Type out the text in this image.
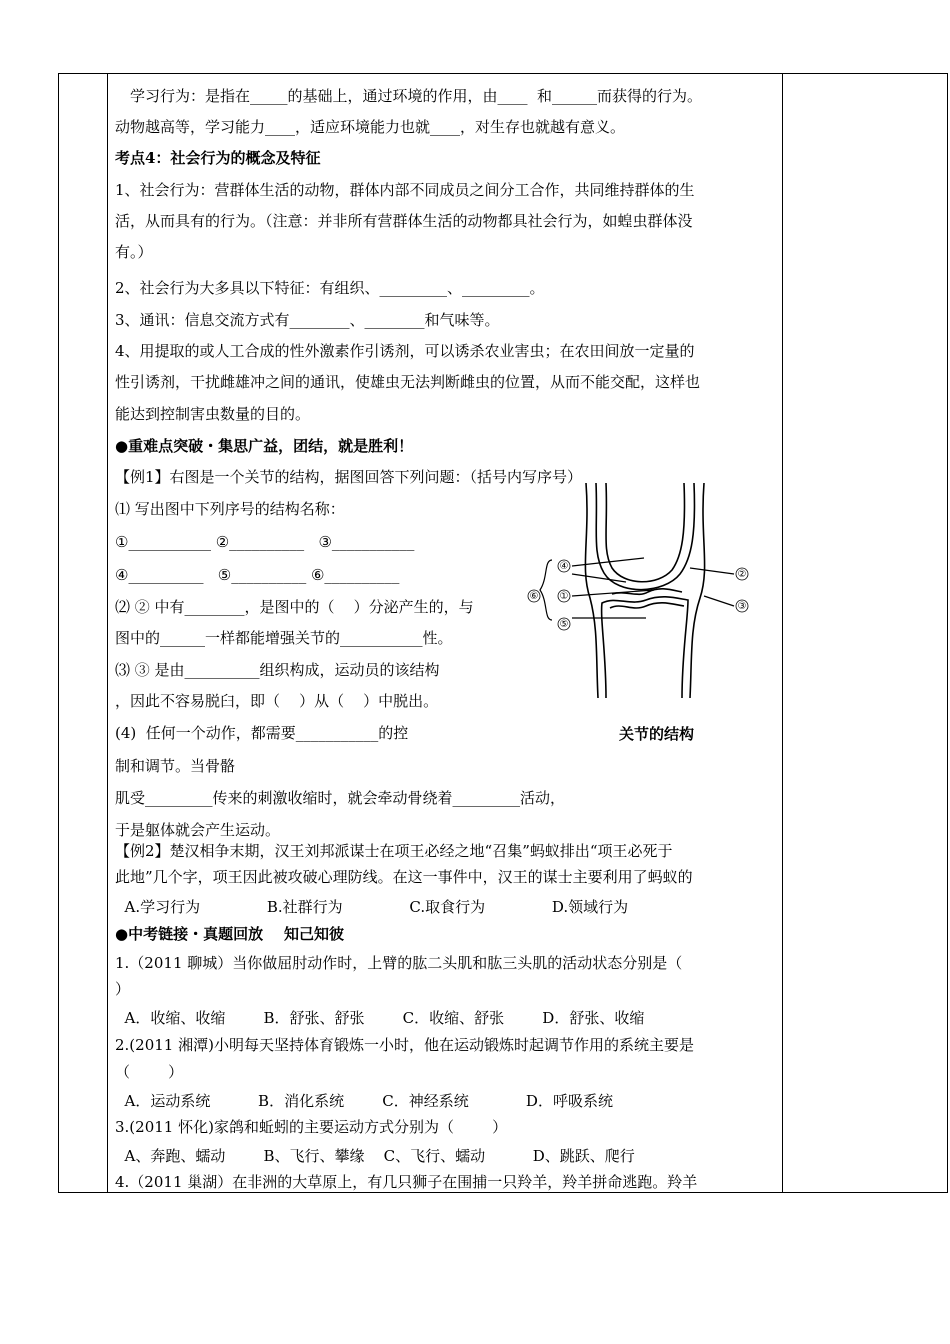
　学习行为：是指在_____的基础上，通过环境的作用，由____  和______而获得的行为。
动物越高等，学习能力____，适应环境能力也就____，对生存也就越有意义。
考点4：社会行为的概念及特征
1、社会行为：营群体生活的动物，群体内部不同成员之间分工合作，共同维持群体的生
活，从而具有的行为。（注意：并非所有营群体生活的动物都具社会行为，如蝗虫群体没
有。）
2、社会行为大多具以下特征：有组织、_________、_________。
3、通讯：信息交流方式有________、________和气味等。
4、用提取的或人工合成的性外激素作引诱剂，可以诱杀农业害虫；在农田间放一定量的
性引诱剂，干扰雌雄冲之间的通讯，使雄虫无法判断雌虫的位置，从而不能交配，这样也
能达到控制害虫数量的目的。
●重难点突破・集思广益，团结，就是胜利！
【例1】右图是一个关节的结构，据图回答下列问题：（括号内写序号）
⑴ 写出图中下列序号的结构名称：
①___________ ②__________   ③___________
④__________   ⑤__________ ⑥__________
⑵ ② 中有________，是图中的（    ）分泌产生的，与
图中的______一样都能增强关节的___________性。
⑶ ③ 是由__________组织构成，运动员的该结构
，因此不容易脱臼，即（    ）从（    ）中脱出。
(4)  任何一个动作，都需要___________的控
制和调节。当骨骼
肌受_________传来的刺激收缩时，就会牵动骨绕着_________活动，
于是躯体就会产生运动。
【例2】楚汉相争末期，汉王刘邦派谋士在项王必经之地“召集”蚂蚁排出“项王必死于
此地”几个字，项王因此被攻破心理防线。在这一事件中，汉王的谋士主要利用了蚂蚁的
A.学习行为              B.社群行为              C.取食行为              D.领域行为
●中考链接・真题回放    知己知彼
1.（2011 聊城）当你做屈肘动作时，上臂的肱二头肌和肱三头肌的活动状态分别是（
）
A．收缩、收缩        B．舒张、舒张        C．收缩、舒张        D．舒张、收缩
2.(2011 湘潭)小明每天坚持体育锻炼一小时，他在运动锻炼时起调节作用的系统主要是
（        ）
A．运动系统          B．消化系统        C．神经系统            D．呼吸系统
3.(2011 怀化)家鸽和蚯蚓的主要运动方式分别为（        ）
A、奔跑、蠕动        B、飞行、攀缘    C、飞行、蠕动          D、跳跃、爬行
4.（2011 巢湖）在非洲的大草原上，有几只狮子在围捕一只羚羊，羚羊拼命逃跑。羚羊
④
⑥ ①
⑤
②
③
关节的结构
